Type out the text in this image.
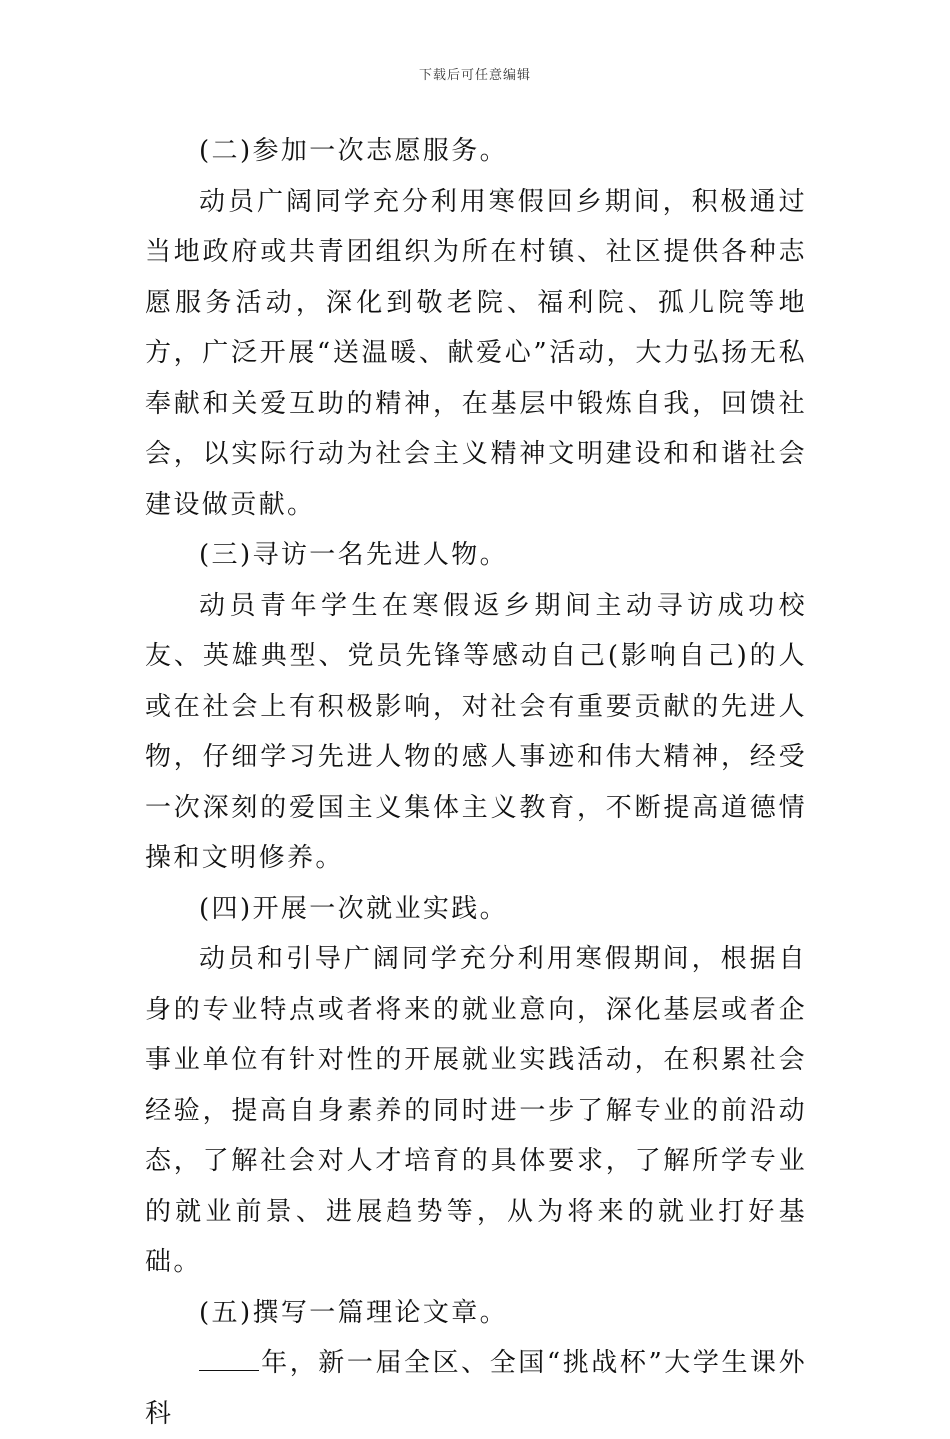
下载后可任意编辑

(二)参加一次志愿服务。

动员广阔同学充分利用寒假回乡期间，积极通过当地政府或共青团组织为所在村镇、社区提供各种志愿服务活动，深化到敬老院、福利院、孤儿院等地方，广泛开展“送温暖、献爱心”活动，大力弘扬无私奉献和关爱互助的精神，在基层中锻炼自我，回馈社会，以实际行动为社会主义精神文明建设和和谐社会建设做贡献。

(三)寻访一名先进人物。

动员青年学生在寒假返乡期间主动寻访成功校友、英雄典型、党员先锋等感动自己(影响自己)的人或在社会上有积极影响，对社会有重要贡献的先进人物，仔细学习先进人物的感人事迹和伟大精神，经受一次深刻的爱国主义集体主义教育，不断提高道德情操和文明修养。

(四)开展一次就业实践。

动员和引导广阔同学充分利用寒假期间，根据自身的专业特点或者将来的就业意向，深化基层或者企事业单位有针对性的开展就业实践活动，在积累社会经验，提高自身素养的同时进一步了解专业的前沿动态，了解社会对人才培育的具体要求，了解所学专业的就业前景、进展趋势等，从为将来的就业打好基础。

(五)撰写一篇理论文章。

年，新一届全区、全国“挑战杯”大学生课外科
